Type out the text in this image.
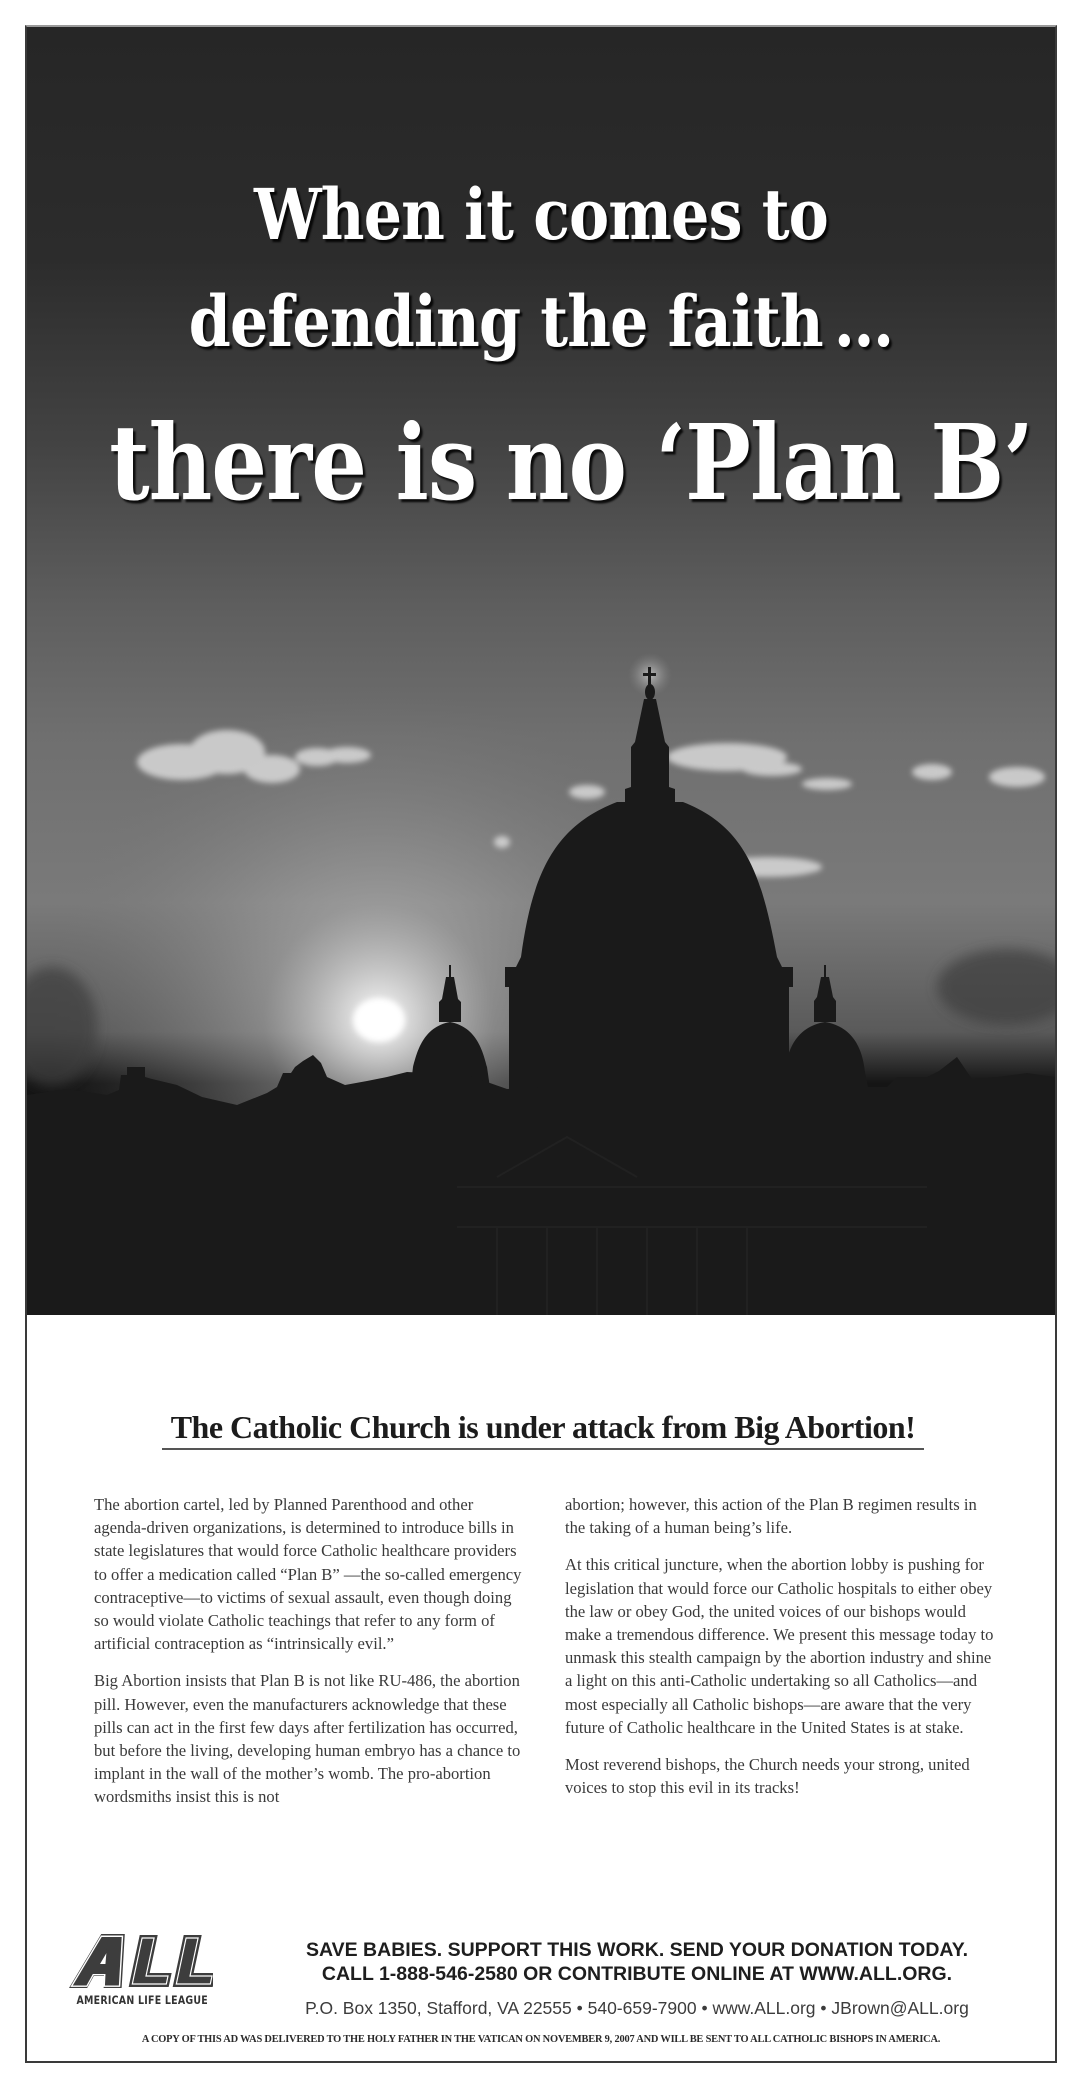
When it comes to
defending the faith …
there is no ‘Plan B’
The Catholic Church is under attack from Big Abortion!

The abortion cartel, led by Planned Parenthood and other agenda-driven organizations, is determined to introduce bills in state legislatures that would force Catholic healthcare providers to offer a medication called “Plan B” —the so-called emergency contraceptive—to victims of sexual assault, even though doing so would violate Catholic teachings that refer to any form of artificial contraception as “intrinsically evil.”

Big Abortion insists that Plan B is not like RU-486, the abortion pill. However, even the manufacturers acknowledge that these pills can act in the first few days after fertilization has occurred, but before the living, developing human embryo has a chance to implant in the wall of the mother’s womb. The pro-abortion wordsmiths insist this is not

abortion; however, this action of the Plan B regimen results in the taking of a human being’s life.

At this critical juncture, when the abortion lobby is pushing for legislation that would force our Catholic hospitals to either obey the law or obey God, the united voices of our bishops would make a tremendous difference. We present this message today to unmask this stealth campaign by the abortion industry and shine a light on this anti-Catholic undertaking so all Catholics—and most especially all Catholic bishops—are aware that the very future of Catholic healthcare in the United States is at stake.

Most reverend bishops, the Church needs your strong, united voices to stop this evil in its tracks!

AMERICAN LIFE LEAGUE
SAVE BABIES. SUPPORT THIS WORK. SEND YOUR DONATION TODAY.
CALL 1-888-546-2580 OR CONTRIBUTE ONLINE AT WWW.ALL.ORG.
P.O. Box 1350, Stafford, VA 22555 • 540-659-7900 • www.ALL.org • JBrown@ALL.org
A COPY OF THIS AD WAS DELIVERED TO THE HOLY FATHER IN THE VATICAN ON NOVEMBER 9, 2007 AND WILL BE SENT TO ALL CATHOLIC BISHOPS IN AMERICA.
